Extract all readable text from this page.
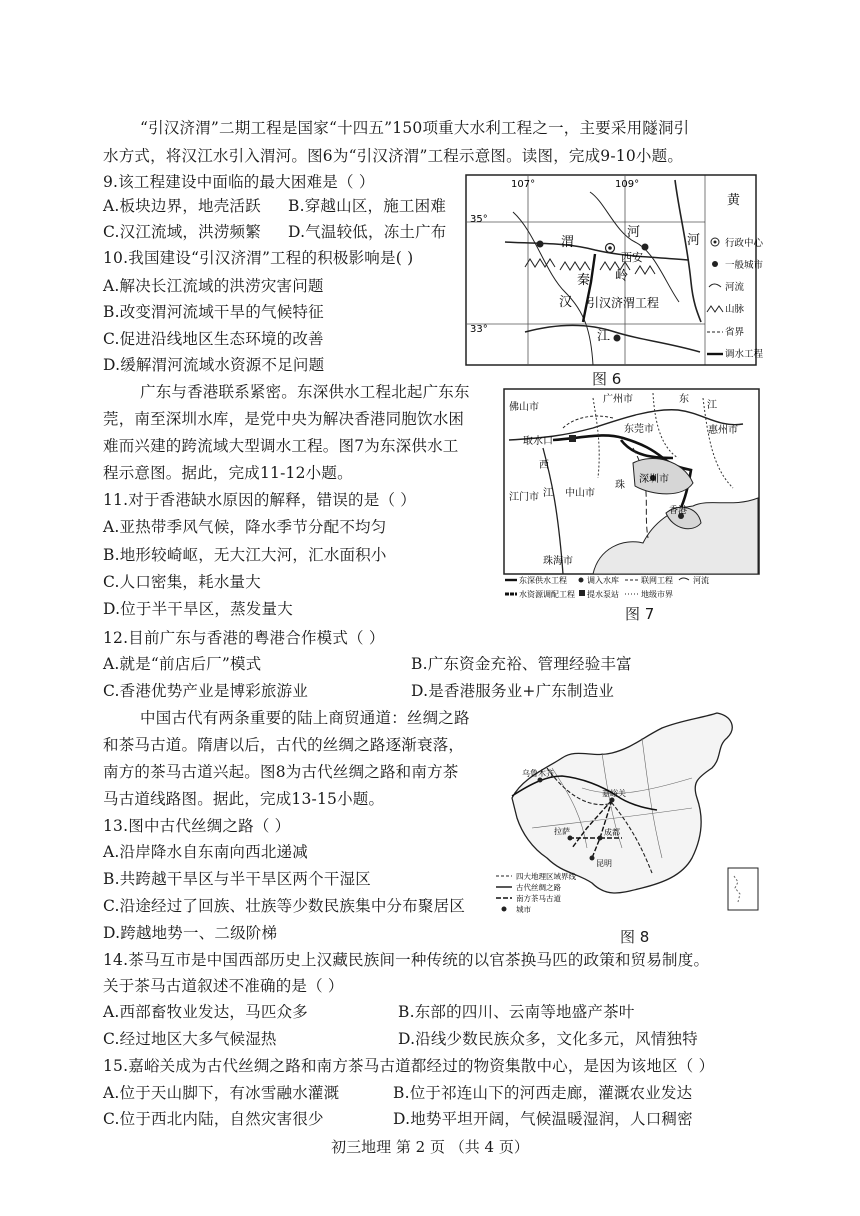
“引汉济渭”二期工程是国家“十四五”150项重大水利工程之一，主要采用隧洞引
水方式，将汉江水引入渭河。图6为“引汉济渭”工程示意图。读图，完成9-10小题。
9.该工程建设中面临的最大困难是（ ）
A.板块边界，地壳活跃 B.穿越山区，施工困难
C.汉江流域，洪涝频繁 D.气温较低，冻土广布
10.我国建设“引汉济渭”工程的积极影响是( )
A.解决长江流域的洪涝灾害问题
B.改变渭河流域干旱的气候特征
C.促进沿线地区生态环境的改善
D.缓解渭河流域水资源不足问题
107°	109°
35°
33°
黄
河
河
渭
西安
秦 岭
汉
江
引汉济渭工程
行政中心
一般城市
河流
山脉
省界
调水工程
图 6
广东与香港联系紧密。东深供水工程北起广东东
莞，南至深圳水库，是党中央为解决香港同胞饮水困
难而兴建的跨流域大型调水工程。图7为东深供水工
程示意图。据此，完成11-12小题。
11.对于香港缺水原因的解释，错误的是（ ）
A.亚热带季风气候，降水季节分配不均匀
B.地形较崎岖，无大江大河，汇水面积小
C.人口密集，耗水量大
D.位于半干旱区，蒸发量大
佛山市
广州市
东莞市
东
江
惠州市
取水口
西
江 中山市
江门市
深圳市
香港
珠海市
珠
东深供水工程	调入水库	联网工程	河流
水资源调配工程 提水泵站	地级市界
图 7
12.目前广东与香港的粤港合作模式（ ）
A.就是“前店后厂”模式	B.广东资金充裕、管理经验丰富
C.香港优势产业是博彩旅游业	D.是香港服务业+广东制造业
中国古代有两条重要的陆上商贸通道：丝绸之路
和茶马古道。隋唐以后，古代的丝绸之路逐渐衰落，
南方的茶马古道兴起。图8为古代丝绸之路和南方茶
马古道线路图。据此，完成13-15小题。
13.图中古代丝绸之路（ ）
A.沿岸降水自东南向西北递减
B.共跨越干旱区与半干旱区两个干湿区
C.沿途经过了回族、壮族等少数民族集中分布聚居区
D.跨越地势一、二级阶梯
乌鲁木齐
嘉峪关
拉萨	成都
昆明
四大地理区域界线
古代丝绸之路
南方茶马古道
城市
图 8
14.茶马互市是中国西部历史上汉藏民族间一种传统的以官茶换马匹的政策和贸易制度。
关于茶马古道叙述不准确的是（ ）
A.西部畜牧业发达，马匹众多	B.东部的四川、云南等地盛产茶叶
C.经过地区大多气候湿热	D.沿线少数民族众多，文化多元，风情独特
15.嘉峪关成为古代丝绸之路和南方茶马古道都经过的物资集散中心，是因为该地区（ ）
A.位于天山脚下，有冰雪融水灌溉	B.位于祁连山下的河西走廊，灌溉农业发达
C.位于西北内陆，自然灾害很少	D.地势平坦开阔，气候温暖湿润，人口稠密
初三地理 第 2 页 （共 4 页）
